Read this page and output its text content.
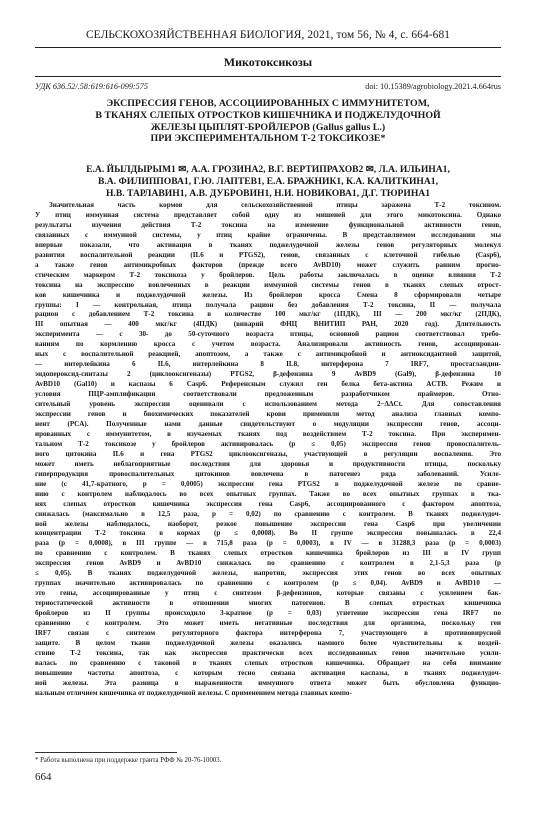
СЕЛЬСКОХОЗЯЙСТВЕННАЯ БИОЛОГИЯ, 2021, том 56, № 4, с. 664-681
Микотоксикозы
УДК 636.52/.58:619:616-099:575	doi: 10.15389/agrobiology.2021.4.664rus
ЭКСПРЕССИЯ ГЕНОВ, АССОЦИИРОВАННЫХ С ИММУНИТЕТОМ,
В ТКАНЯХ СЛЕПЫХ ОТРОСТКОВ КИШЕЧНИКА И ПОДЖЕЛУДОЧНОЙ
ЖЕЛЕЗЫ ЦЫПЛЯТ-БРОЙЛЕРОВ (Gallus gallus L.)
ПРИ ЭКСПЕРИМЕНТАЛЬНОМ Т-2 ТОКСИКОЗЕ*
Е.А. ЙЫЛДЫРЫМ1 ✉, А.А. ГРОЗИНА2, В.Г. ВЕРТИПРАХОВ2 ✉, Л.А. ИЛЬИНА1,
В.А. ФИЛИППОВА1, Г.Ю. ЛАПТЕВ1, Е.А. БРАЖНИК1, К.А. КАЛИТКИНА1,
Н.В. ТАРЛАВИН1, А.В. ДУБРОВИН1, Н.И. НОВИКОВА1, Д.Г. ТЮРИНА1
Значительная часть кормов для сельскохозяйственной птицы заражена Т-2 токсином.
У птиц иммунная система представляет собой одну из мишеней для этого микотоксина. Однако
результаты изучения действия Т-2 токсина на изменение функциональной активности генов,
связанных с иммунной системы, у птиц крайне ограничены. В представляемом исследовании мы
впервые показали, что активация в тканях поджелудочной железы генов регуляторных молекул
развития воспалительной реакции (IL6 и PTGS2), генов, связанных с клеточной гибелью (Casp6),
а также генов антимикробных факторов (прежде всего AvBD10) может служить ранним прогно-
стическим маркером Т-2 токсикоза у бройлеров. Цель работы заключалась в оценке влияния Т-2
токсина на экспрессию вовлеченных в реакции иммунной системы генов в тканях слепых отрост-
ков кишечника и поджелудочной железы. Из бройлеров кросса Смена 8 сформировали четыре
группы: I — контрольная, птица получала рацион без добавления Т-2 токсина, II — получала
рацион с добавлением Т-2 токсина в количестве 100 мкг/кг (1ПДК), III — 200 мкг/кг (2ПДК),
III опытная — 400 мкг/кг (4ПДК) (виварий ФНЦ ВНИТИП РАН, 2020 год). Длительность
эксперимента — с 30- до 50-суточного возраста птицы, основной рацион соответствовал требо-
ваниям по кормлению кросса с учетом возраста. Анализировали активность генов, ассоциирован-
ных с воспалительной реакцией, апоптозом, а также с антимикробной и антиоксидантной защитой,
— интерлейкина 6 IL6, интерлейкина 8 IL8, интерферона 7 IRF7, простагландин-
эндопероксид-синтазы 2 (циклооксигеназы) PTGS2, β-дефензина 9 AvBD9 (Gal9), β-дефензина 10
AvBD10 (Gal10) и каспазы 6 Casp6. Референсным служил ген белка бета-актина ACTB. Режим и
условия ПЦР-амплификации соответствовали предложенным разработчиком праймеров. Отно-
сительный уровень экспрессии оценивали с использованием метода 2−ΔΔCt. Для сопоставления
экспрессии генов и биохимических показателей крови применили метод анализа главных компо-
нент (PCA). Полученные нами данные свидетельствуют о модуляции экспрессии генов, ассоци-
ированных с иммунитетом, в изучаемых тканях под воздействием Т-2 токсина. При эксперимен-
тальном Т-2 токсикозе у бройлеров активировалась (p ≤ 0,05) экспрессия генов провоспалитель-
ного цитокина IL6 и гена PTGS2 циклооксигеназы, участвующей в регуляции воспаления. Это
может иметь неблагоприятные последствия для здоровья и продуктивности птицы, поскольку
гиперпродукция провоспалительных цитокинов вовлечена в патогенез ряда заболеваний. Усиле-
ние (с 41,7-кратного, p = 0,0005) экспрессии гена PTGS2 в поджелудочной железе по сравне-
нию с контролем наблюдалось во всех опытных группах. Также во всех опытных группах в тка-
нях слепых отростков кишечника экспрессия гена Casp6, ассоциированного с фактором апоптоза,
снижалась (максимально в 12,5 раза, p = 0,02) по сравнению с контролем. В тканях поджелудоч-
ной железы наблюдалось, наоборот, резкое повышение экспрессии гена Casp6 при увеличении
концентрации Т-2 токсина в кормах (p ≤ 0,0008). Во II группе экспрессия повышалась в 22,4
раза (p = 0,0008), в III группе — в 715,8 раза (p = 0,0003), в IV — в 31288,3 раза (p = 0,0003)
по сравнению с контролем. В тканях слепых отростков кишечника бройлеров из III и IV групп
экспрессия генов AvBD9 и AvBD10 снижалась по сравнению с контролем в 2,1-5,3 раза (p
≤ 0,05). В тканях поджелудочной железы, напротив, экспрессия этих генов во всех опытных
группах значительно активировалась по сравнению с контролем (p ≤ 0,04). AvBD9 и AvBD10 —
это гены, ассоциированные у птиц с синтезом β-дефензинов, которые связаны с усилением бак-
териостатической активности в отношении многих патогенов. В слепых отростках кишечника
бройлеров из II группы происходило 3-кратное (p = 0,03) угнетение экспрессии гена IRF7 по
сравнению с контролем. Это может иметь негативные последствия для организма, поскольку ген
IRF7 связан с синтезом регуляторного фактора интерферона 7, участвующего в противовирусной
защите. В целом ткани поджелудочной железы оказались намного более чувствительны к воздей-
ствию Т-2 токсина, так как экспрессия практически всех исследованных генов значительно усили-
валась по сравнению с таковой в тканях слепых отростков кишечника. Обращает на себя внимание
повышение частоты апоптоза, с которым тесно связана активация каспазы, в тканях поджелудоч-
ной железы. Эта разница в выраженности иммунного ответа может быть обусловлена функцио-
нальным отличием кишечника от поджелудочной железы. С применением метода главных компо-
* Работа выполнена при поддержке гранта РФФ № 20-76-10003.
664
